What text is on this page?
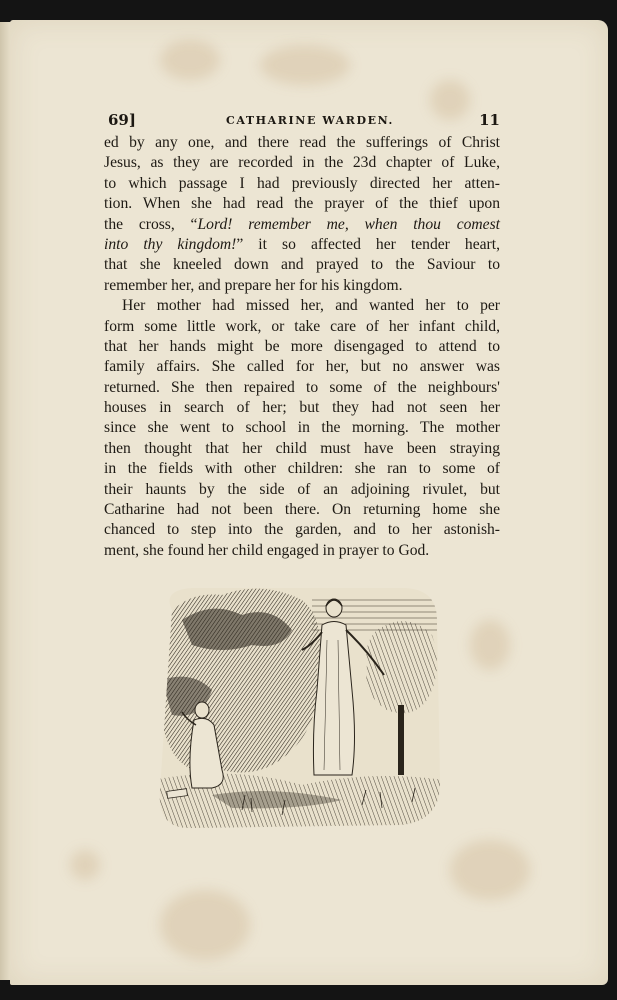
69]	CATHARINE WARDEN.	11
ed by any one, and there read the sufferings of Christ
Jesus, as they are recorded in the 23d chapter of Luke,
to which passage I had previously directed her atten-
tion. When she had read the prayer of the thief upon
the cross, “Lord! remember me, when thou comest
into thy kingdom!” it so affected her tender heart,
that she kneeled down and prayed to the Saviour to
remember her, and prepare her for his kingdom.
Her mother had missed her, and wanted her to per
form some little work, or take care of her infant child,
that her hands might be more disengaged to attend to
family affairs. She called for her, but no answer was
returned. She then repaired to some of the neighbours'
houses in search of her; but they had not seen her
since she went to school in the morning. The mother
then thought that her child must have been straying
in the fields with other children: she ran to some of
their haunts by the side of an adjoining rivulet, but
Catharine had not been there. On returning home she
chanced to step into the garden, and to her astonish-
ment, she found her child engaged in prayer to God.
